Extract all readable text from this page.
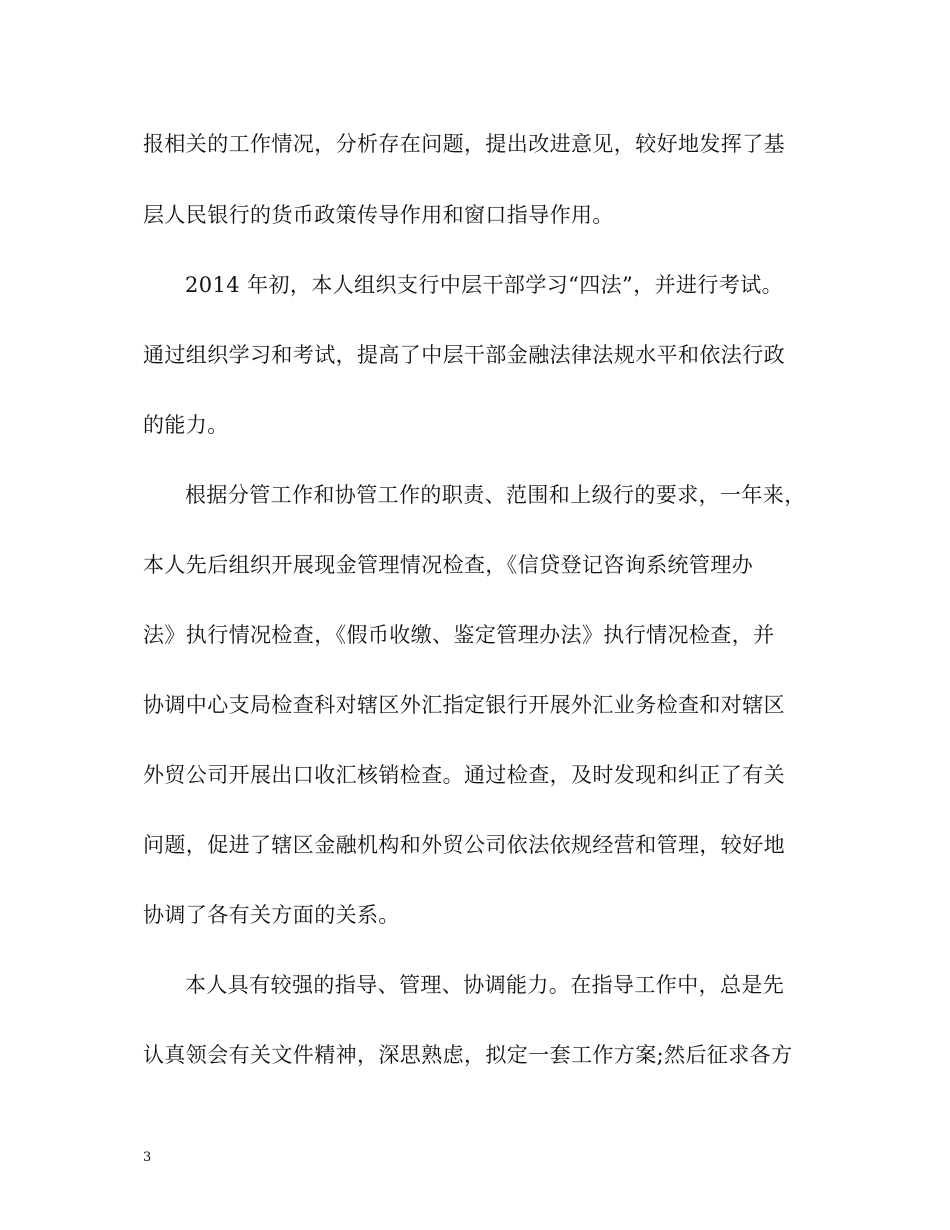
报相关的工作情况，分析存在问题，提出改进意见，较好地发挥了基
层人民银行的货币政策传导作用和窗口指导作用。
2014 年初，本人组织支行中层干部学习“四法”，并进行考试。
通过组织学习和考试，提高了中层干部金融法律法规水平和依法行政
的能力。
根据分管工作和协管工作的职责、范围和上级行的要求，一年来，
本人先后组织开展现金管理情况检查，《信贷登记咨询系统管理办
法》执行情况检查，《假币收缴、鉴定管理办法》执行情况检查，并
协调中心支局检查科对辖区外汇指定银行开展外汇业务检查和对辖区
外贸公司开展出口收汇核销检查。通过检查，及时发现和纠正了有关
问题，促进了辖区金融机构和外贸公司依法依规经营和管理，较好地
协调了各有关方面的关系。
本人具有较强的指导、管理、协调能力。在指导工作中，总是先
认真领会有关文件精神，深思熟虑，拟定一套工作方案;然后征求各方
3
